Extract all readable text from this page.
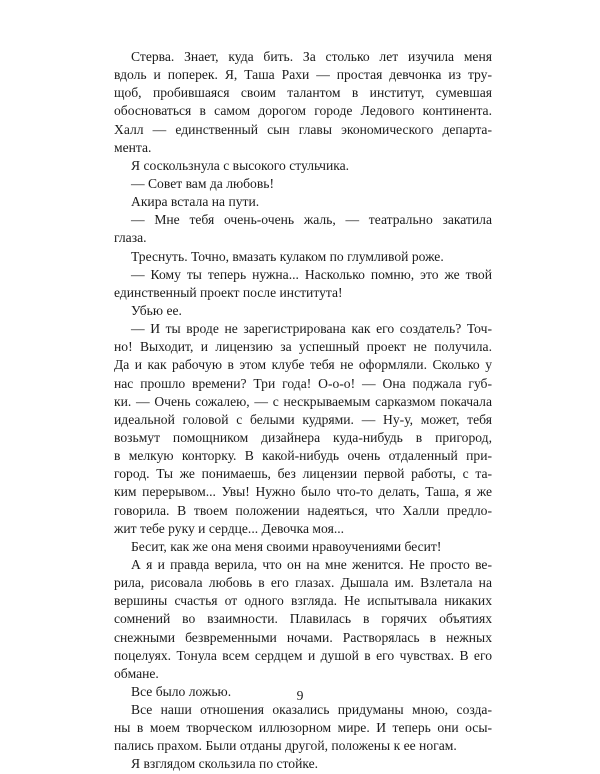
Стерва. Знает, куда бить. За столько лет изучила меня
вдоль и поперек. Я, Таша Рахи — простая девчонка из тру-
щоб, пробившаяся своим талантом в институт, сумевшая
обосноваться в самом дорогом городе Ледового континента.
Халл — единственный сын главы экономического департа-
мента.
Я соскользнула с высокого стульчика.
— Совет вам да любовь!
Акира встала на пути.
— Мне тебя очень-очень жаль, — театрально закатила
глаза.
Треснуть. Точно, вмазать кулаком по глумливой роже.
— Кому ты теперь нужна... Насколько помню, это же твой
единственный проект после института!
Убью ее.
— И ты вроде не зарегистрирована как его создатель? Точ-
но! Выходит, и лицензию за успешный проект не получила.
Да и как рабочую в этом клубе тебя не оформляли. Сколько у
нас прошло времени? Три года! О-о-о! — Она поджала губ-
ки. — Очень сожалею, — с нескрываемым сарказмом покачала
идеальной головой с белыми кудрями. — Ну-у, может, тебя
возьмут помощником дизайнера куда-нибудь в пригород,
в мелкую конторку. В какой-нибудь очень отдаленный при-
город. Ты же понимаешь, без лицензии первой работы, с та-
ким перерывом... Увы! Нужно было что-то делать, Таша, я же
говорила. В твоем положении надеяться, что Халли предло-
жит тебе руку и сердце... Девочка моя...
Бесит, как же она меня своими нравоучениями бесит!
А я и правда верила, что он на мне женится. Не просто ве-
рила, рисовала любовь в его глазах. Дышала им. Взлетала на
вершины счастья от одного взгляда. Не испытывала никаких
сомнений во взаимности. Плавилась в горячих объятиях
снежными безвременными ночами. Растворялась в нежных
поцелуях. Тонула всем сердцем и душой в его чувствах. В его
обмане.
Все было ложью.
Все наши отношения оказались придуманы мною, созда-
ны в моем творческом иллюзорном мире. И теперь они осы-
пались прахом. Были отданы другой, положены к ее ногам.
Я взглядом скользила по стойке.
9
